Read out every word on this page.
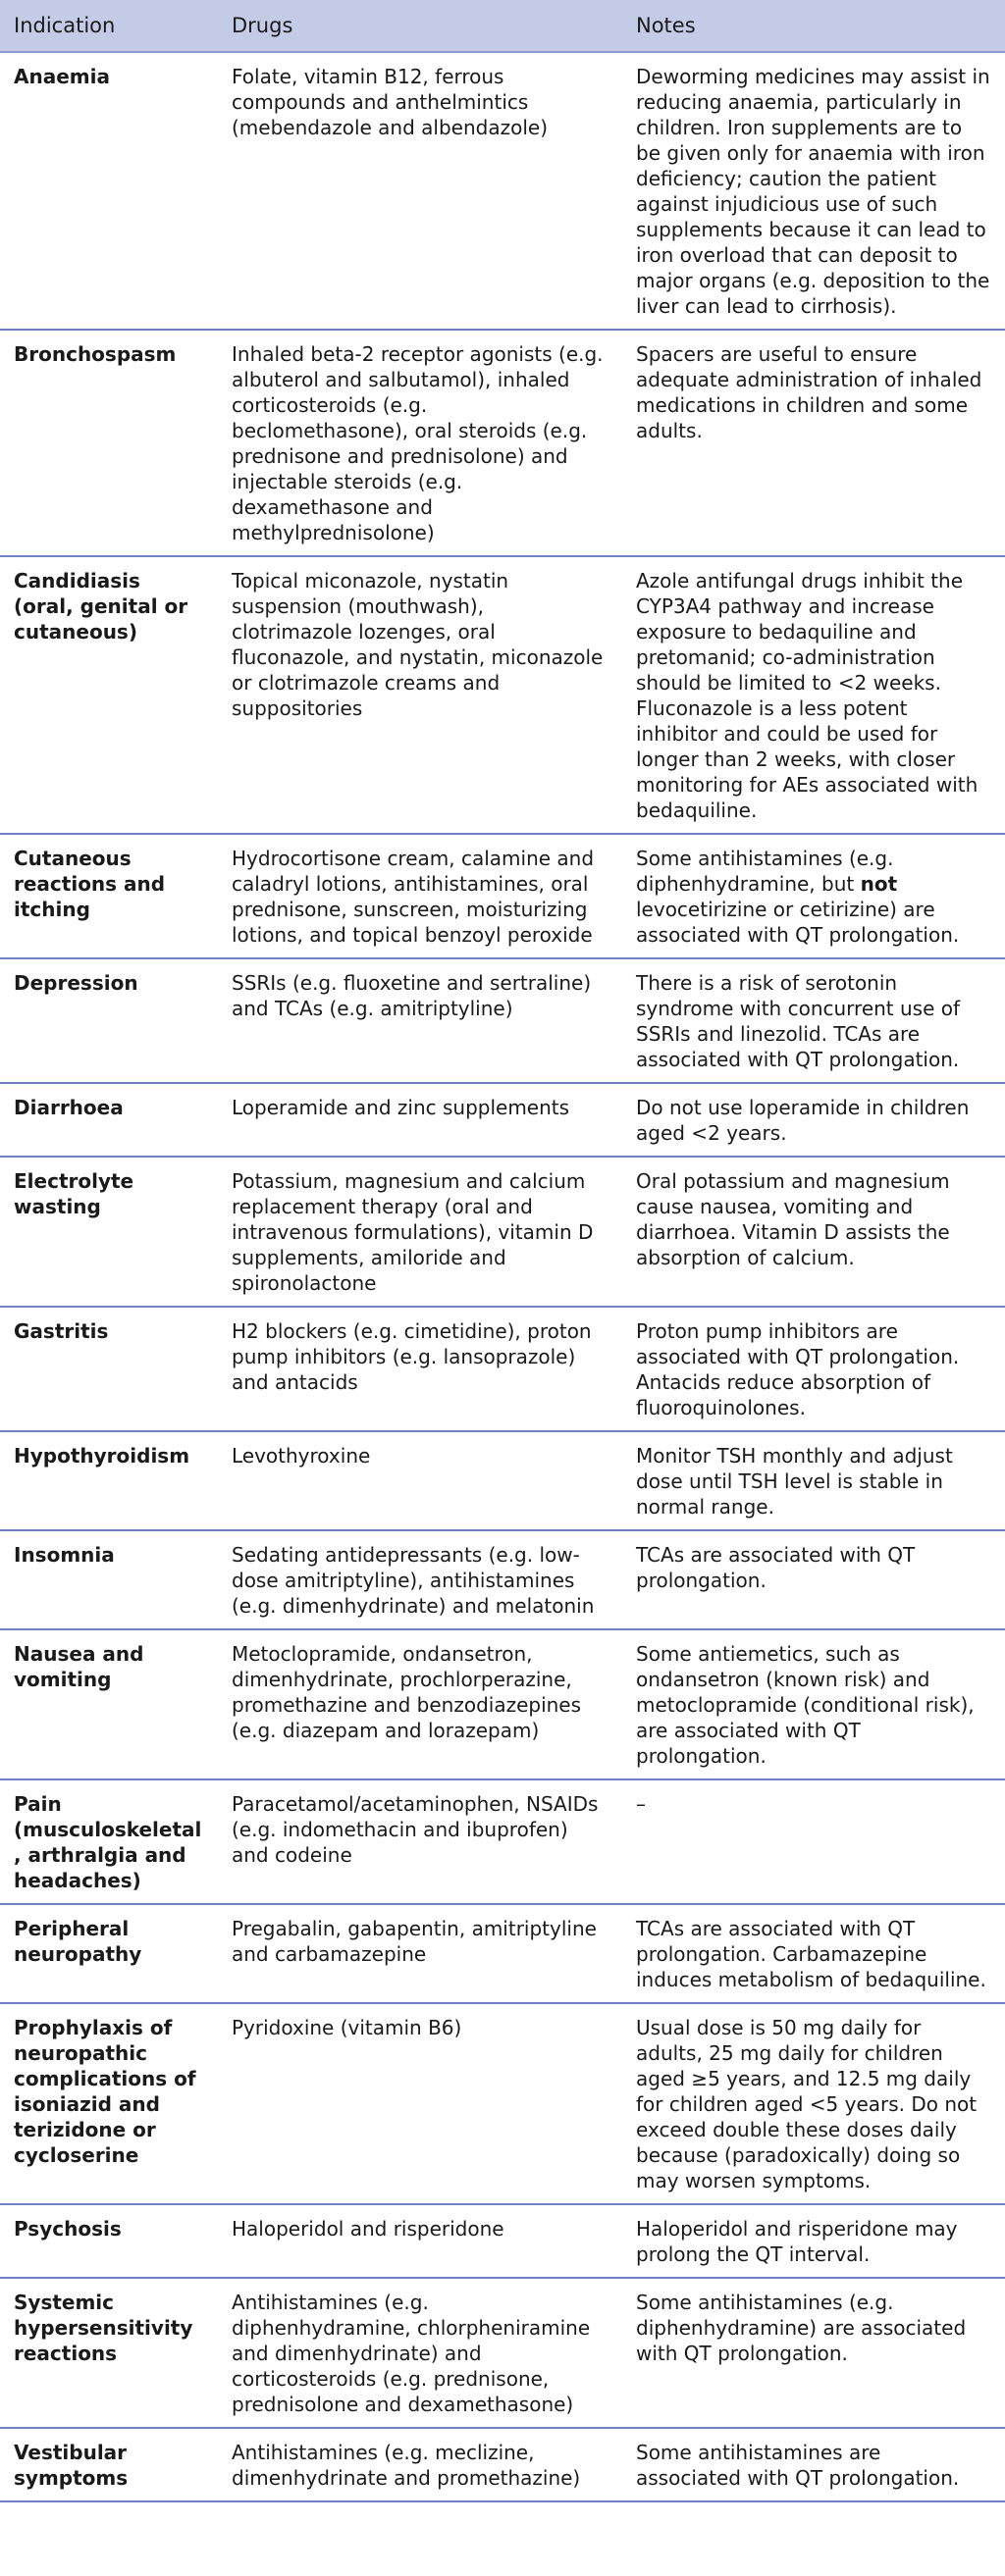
Indication	Drugs	Notes
Anaemia	Folate, vitamin B12, ferrous compounds and anthelmintics (mebendazole and albendazole)	Deworming medicines may assist in reducing anaemia, particularly in children. Iron supplements are to be given only for anaemia with iron deficiency; caution the patient against injudicious use of such supplements because it can lead to iron overload that can deposit to major organs (e.g. deposition to the liver can lead to cirrhosis).
Bronchospasm	Inhaled beta-2 receptor agonists (e.g. albuterol and salbutamol), inhaled corticosteroids (e.g. beclomethasone), oral steroids (e.g. prednisone and prednisolone) and injectable steroids (e.g. dexamethasone and methylprednisolone)	Spacers are useful to ensure adequate administration of inhaled medications in children and some adults.
Candidiasis (oral, genital or cutaneous)	Topical miconazole, nystatin suspension (mouthwash), clotrimazole lozenges, oral fluconazole, and nystatin, miconazole or clotrimazole creams and suppositories	Azole antifungal drugs inhibit the CYP3A4 pathway and increase exposure to bedaquiline and pretomanid; co-administration should be limited to <2 weeks. Fluconazole is a less potent inhibitor and could be used for longer than 2 weeks, with closer monitoring for AEs associated with bedaquiline.
Cutaneous reactions and itching	Hydrocortisone cream, calamine and caladryl lotions, antihistamines, oral prednisone, sunscreen, moisturizing lotions, and topical benzoyl peroxide	Some antihistamines (e.g. diphenhydramine, but not levocetirizine or cetirizine) are associated with QT prolongation.
Depression	SSRIs (e.g. fluoxetine and sertraline) and TCAs (e.g. amitriptyline)	There is a risk of serotonin syndrome with concurrent use of SSRIs and linezolid. TCAs are associated with QT prolongation.
Diarrhoea	Loperamide and zinc supplements	Do not use loperamide in children aged <2 years.
Electrolyte wasting	Potassium, magnesium and calcium replacement therapy (oral and intravenous formulations), vitamin D supplements, amiloride and spironolactone	Oral potassium and magnesium cause nausea, vomiting and diarrhoea. Vitamin D assists the absorption of calcium.
Gastritis	H2 blockers (e.g. cimetidine), proton pump inhibitors (e.g. lansoprazole) and antacids	Proton pump inhibitors are associated with QT prolongation. Antacids reduce absorption of fluoroquinolones.
Hypothyroidism	Levothyroxine	Monitor TSH monthly and adjust dose until TSH level is stable in normal range.
Insomnia	Sedating antidepressants (e.g. low-dose amitriptyline), antihistamines (e.g. dimenhydrinate) and melatonin	TCAs are associated with QT prolongation.
Nausea and vomiting	Metoclopramide, ondansetron, dimenhydrinate, prochlorperazine, promethazine and benzodiazepines (e.g. diazepam and lorazepam)	Some antiemetics, such as ondansetron (known risk) and metoclopramide (conditional risk), are associated with QT prolongation.
Pain (musculoskeletal, arthralgia and headaches)	Paracetamol/acetaminophen, NSAIDs (e.g. indomethacin and ibuprofen) and codeine	–
Peripheral neuropathy	Pregabalin, gabapentin, amitriptyline and carbamazepine	TCAs are associated with QT prolongation. Carbamazepine induces metabolism of bedaquiline.
Prophylaxis of neuropathic complications of isoniazid and terizidone or cycloserine	Pyridoxine (vitamin B6)	Usual dose is 50 mg daily for adults, 25 mg daily for children aged ≥5 years, and 12.5 mg daily for children aged <5 years. Do not exceed double these doses daily because (paradoxically) doing so may worsen symptoms.
Psychosis	Haloperidol and risperidone	Haloperidol and risperidone may prolong the QT interval.
Systemic hypersensitivity reactions	Antihistamines (e.g. diphenhydramine, chlorpheniramine and dimenhydrinate) and corticosteroids (e.g. prednisone, prednisolone and dexamethasone)	Some antihistamines (e.g. diphenhydramine) are associated with QT prolongation.
Vestibular symptoms	Antihistamines (e.g. meclizine, dimenhydrinate and promethazine)	Some antihistamines are associated with QT prolongation.
